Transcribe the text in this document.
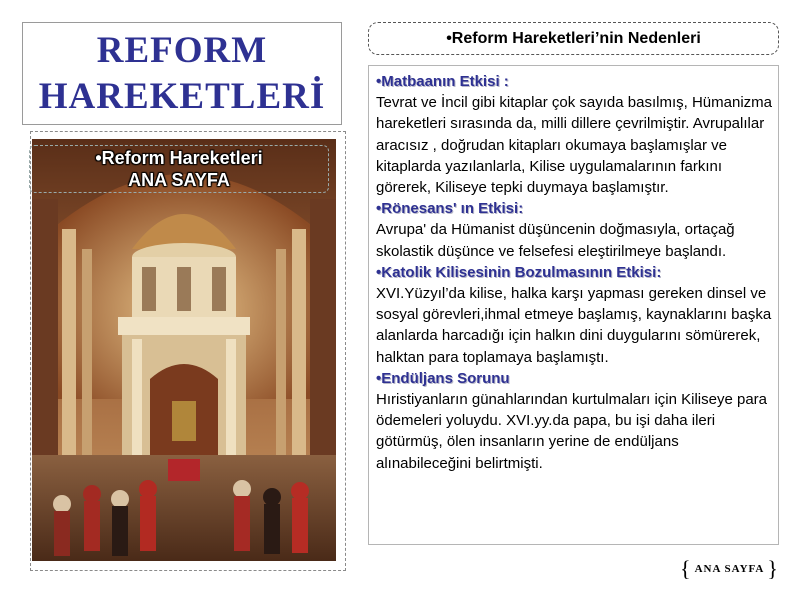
REFORM
HAREKETLERİ
•Reform Hareketleri
ANA SAYFA
•Reform Hareketleri’nin Nedenleri
•Matbaanın Etkisi :

Tevrat ve İncil gibi kitaplar çok sayıda basılmış, Hümanizma hareketleri sırasında da, milli dillere çevrilmiştir. Avrupalılar aracısız , doğrudan kitapları okumaya başlamışlar ve kitaplarda yazılanlarla, Kilise uygulamalarının farkını görerek, Kiliseye tepki duymaya başlamıştır.

•Rönesans' ın Etkisi:

Avrupa' da Hümanist düşüncenin doğmasıyla, ortaçağ skolastik düşünce ve felsefesi eleştirilmeye başlandı.

•Katolik Kilisesinin Bozulmasının Etkisi:

XVI.Yüzyıl’da kilise, halka karşı yapması gereken dinsel ve sosyal görevleri,ihmal etmeye başlamış, kaynaklarını başka alanlarda harcadığı için halkın dini duygularını sömürerek, halktan para toplamaya başlamıştı.

•Endüljans Sorunu

Hıristiyanların günahlarından kurtulmaları için Kiliseye para ödemeleri yoluydu. XVI.yy.da papa, bu işi daha ileri götürmüş, ölen insanların yerine de endüljans alınabileceğini belirtmişti.

{ ANA SAYFA }
